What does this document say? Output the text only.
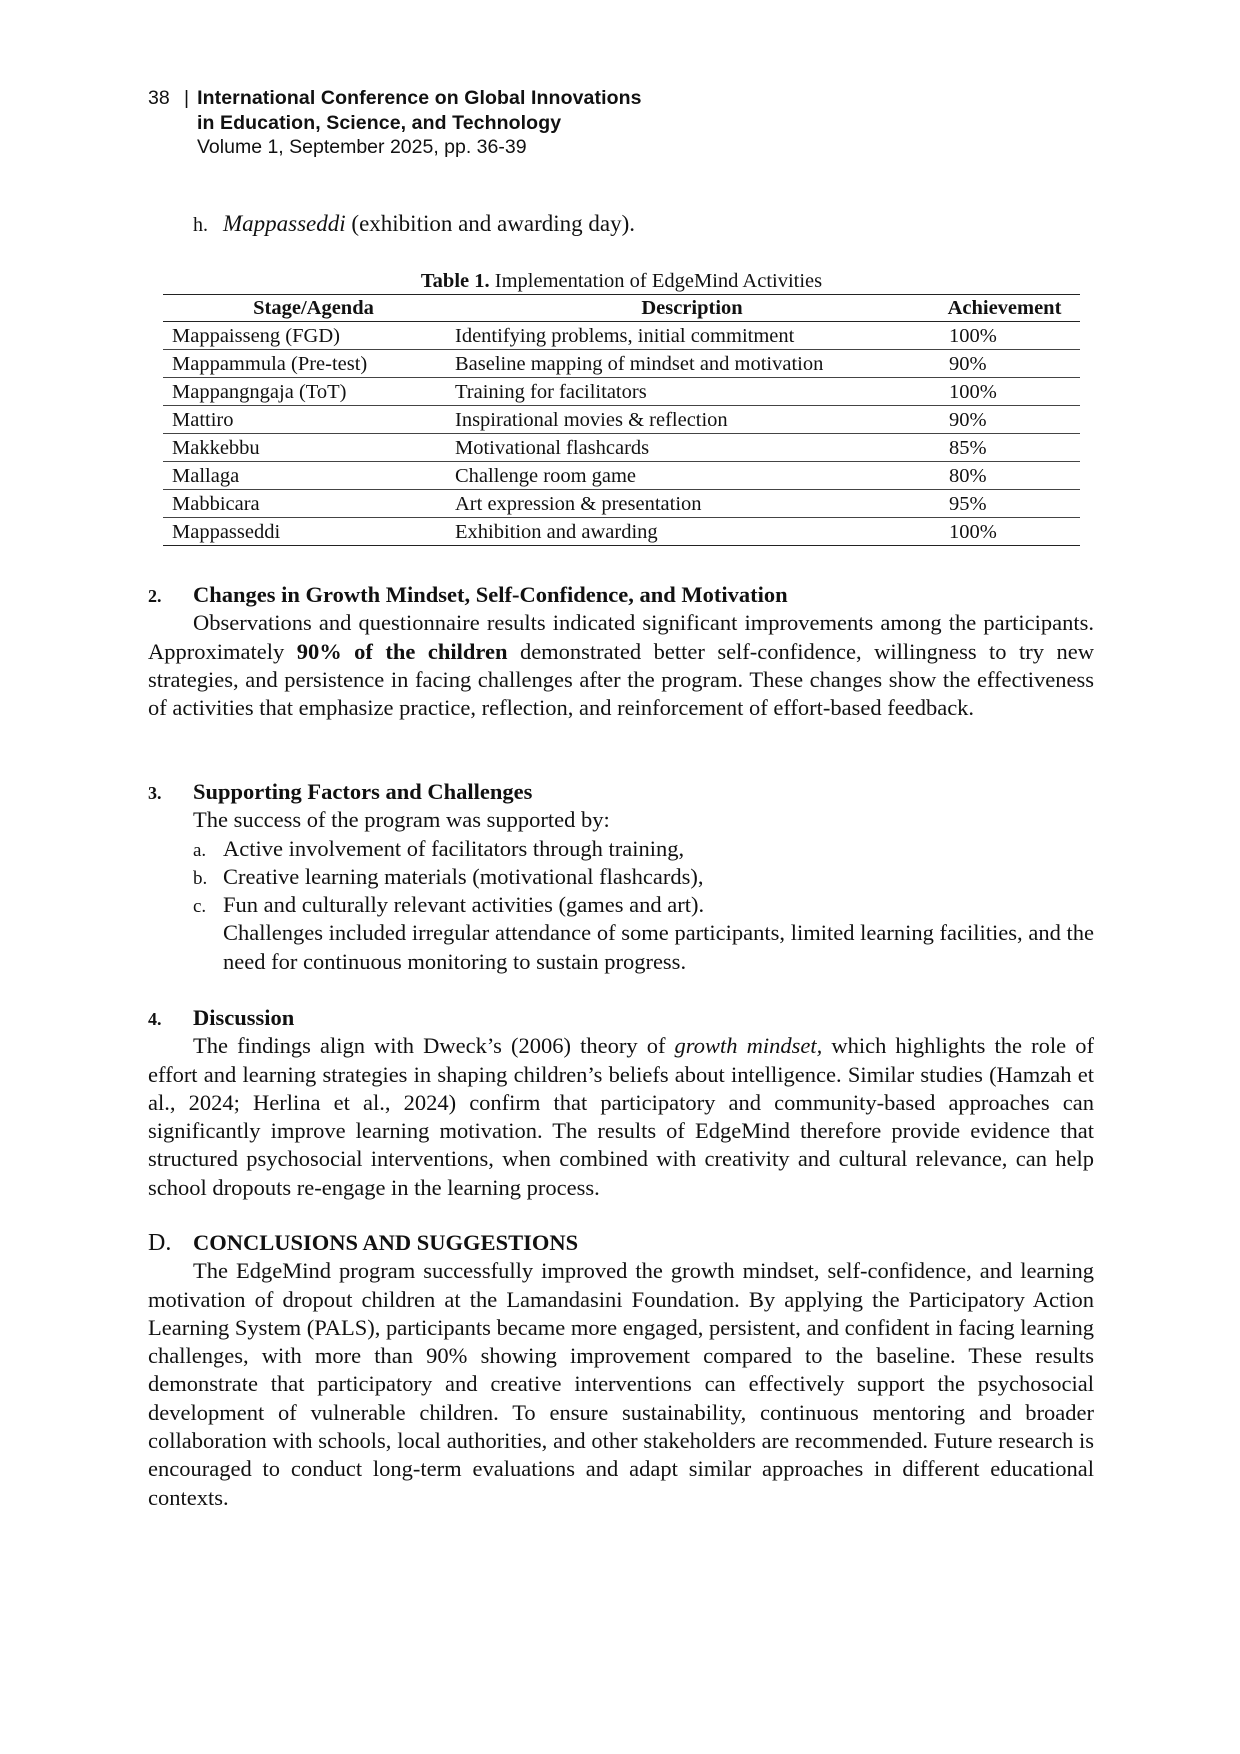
38 | International Conference on Global Innovations
in Education, Science, and Technology
Volume 1, September 2025, pp. 36-39
h. Mappasseddi (exhibition and awarding day).
Table 1. Implementation of EdgeMind Activities
Stage/Agenda	Description	Achievement
Mappaisseng (FGD)	Identifying problems, initial commitment	100%
Mappammula (Pre-test)	Baseline mapping of mindset and motivation	90%
Mappangngaja (ToT)	Training for facilitators	100%
Mattiro	Inspirational movies & reflection	90%
Makkebbu	Motivational flashcards	85%
Mallaga	Challenge room game	80%
Mabbicara	Art expression & presentation	95%
Mappasseddi	Exhibition and awarding	100%
2. Changes in Growth Mindset, Self-Confidence, and Motivation

Observations and questionnaire results indicated significant improvements among the participants. Approximately 90% of the children demonstrated better self-confidence, willingness to try new strategies, and persistence in facing challenges after the program. These changes show the effectiveness of activities that emphasize practice, reflection, and reinforcement of effort-based feedback.

3. Supporting Factors and Challenges

The success of the program was supported by:

a. Active involvement of facilitators through training,
b. Creative learning materials (motivational flashcards),
c. Fun and culturally relevant activities (games and art).

Challenges included irregular attendance of some participants, limited learning facilities, and the need for continuous monitoring to sustain progress.

4. Discussion

The findings align with Dweck’s (2006) theory of growth mindset, which highlights the role of effort and learning strategies in shaping children’s beliefs about intelligence. Similar studies (Hamzah et al., 2024; Herlina et al., 2024) confirm that participatory and community-based approaches can significantly improve learning motivation. The results of EdgeMind therefore provide evidence that structured psychosocial interventions, when combined with creativity and cultural relevance, can help school dropouts re-engage in the learning process.

D. CONCLUSIONS AND SUGGESTIONS

The EdgeMind program successfully improved the growth mindset, self-confidence, and learning motivation of dropout children at the Lamandasini Foundation. By applying the Participatory Action Learning System (PALS), participants became more engaged, persistent, and confident in facing learning challenges, with more than 90% showing improvement compared to the baseline. These results demonstrate that participatory and creative interventions can effectively support the psychosocial development of vulnerable children. To ensure sustainability, continuous mentoring and broader collaboration with schools, local authorities, and other stakeholders are recommended. Future research is encouraged to conduct long-term evaluations and adapt similar approaches in different educational contexts.
